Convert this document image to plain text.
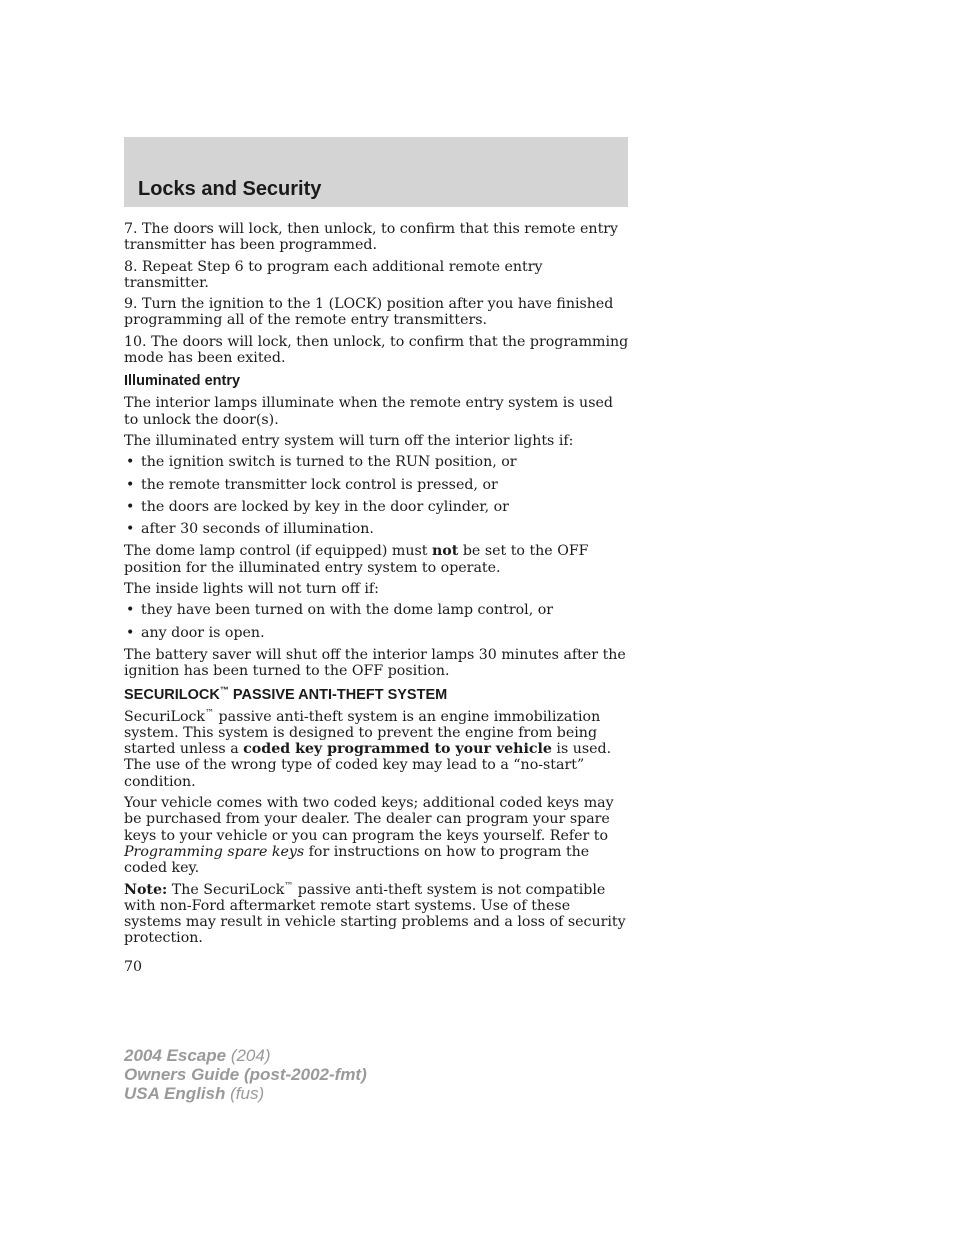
Locks and Security

7. The doors will lock, then unlock, to confirm that this remote entry transmitter has been programmed.

8. Repeat Step 6 to program each additional remote entry transmitter.

9. Turn the ignition to the 1 (LOCK) position after you have finished programming all of the remote entry transmitters.

10. The doors will lock, then unlock, to confirm that the programming mode has been exited.

Illuminated entry

The interior lamps illuminate when the remote entry system is used to unlock the door(s).

The illuminated entry system will turn off the interior lights if:

• the ignition switch is turned to the RUN position, or
• the remote transmitter lock control is pressed, or
• the doors are locked by key in the door cylinder, or
• after 30 seconds of illumination.

The dome lamp control (if equipped) must not be set to the OFF position for the illuminated entry system to operate.

The inside lights will not turn off if:

• they have been turned on with the dome lamp control, or
• any door is open.

The battery saver will shut off the interior lamps 30 minutes after the ignition has been turned to the OFF position.

SECURILOCK™ PASSIVE ANTI-THEFT SYSTEM

SecuriLock™ passive anti-theft system is an engine immobilization system. This system is designed to prevent the engine from being started unless a coded key programmed to your vehicle is used. The use of the wrong type of coded key may lead to a “no-start” condition.

Your vehicle comes with two coded keys; additional coded keys may be purchased from your dealer. The dealer can program your spare keys to your vehicle or you can program the keys yourself. Refer to Programming spare keys for instructions on how to program the coded key.

Note: The SecuriLock™ passive anti-theft system is not compatible with non-Ford aftermarket remote start systems. Use of these systems may result in vehicle starting problems and a loss of security protection.

70
2004 Escape (204)
Owners Guide (post-2002-fmt)
USA English (fus)
